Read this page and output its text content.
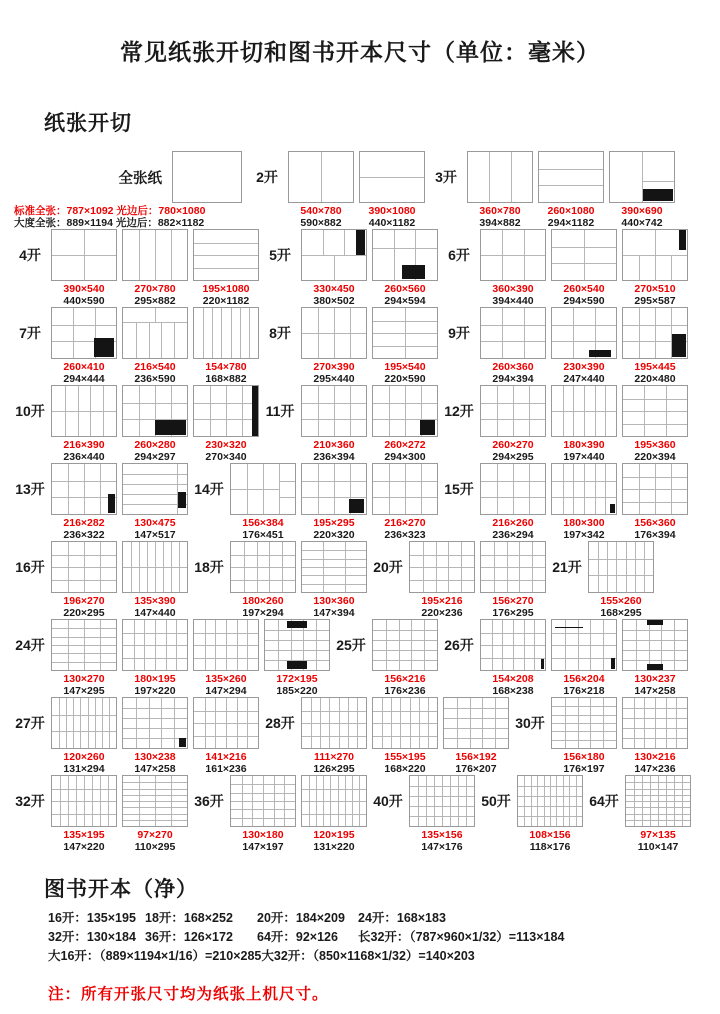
常见纸张开切和图书开本尺寸（单位：毫米）
纸张开切
全张纸
标准全张：787×1092 光边后：780×1080
大度全张：889×1194 光边后：882×1182
2开
540×780
590×882
390×1080
440×1182
3开
360×780
394×882
260×1080
294×1182
390×690
440×742
4开
390×540
440×590
270×780
295×882
195×1080
220×1182
5开
330×450
380×502
260×560
294×594
6开
360×390
394×440
260×540
294×590
270×510
295×587
7开
260×410
294×444
216×540
236×590
154×780
168×882
8开
270×390
295×440
195×540
220×590
9开
260×360
294×394
230×390
247×440
195×445
220×480
10开
216×390
236×440
260×280
294×297
230×320
270×340
11开
210×360
236×394
260×272
294×300
12开
260×270
294×295
180×390
197×440
195×360
220×394
13开
216×282
236×322
130×475
147×517
14开
156×384
176×451
195×295
220×320
216×270
236×323
15开
216×260
236×294
180×300
197×342
156×360
176×394
16开
196×270
220×295
135×390
147×440
18开
180×260
197×294
130×360
147×394
20开
195×216
220×236
156×270
176×295
21开
155×260
168×295
24开
130×270
147×295
180×195
197×220
135×260
147×294
172×195
185×220
25开
156×216
176×236
26开
154×208
168×238
156×204
176×218
130×237
147×258
27开
120×260
131×294
130×238
147×258
141×216
161×236
28开
111×270
126×295
155×195
168×220
156×192
176×207
30开
156×180
176×197
130×216
147×236
32开
135×195
147×220
97×270
110×295
36开
130×180
147×197
120×195
131×220
40开
135×156
147×176
50开
108×156
118×176
64开
97×135
110×147
图书开本（净）
16开：135×195 18开：168×252 20开：184×209 24开：168×183
32开：130×184 36开：126×172 64开：92×126 长32开：（787×960×1/32）=113×184
大16开：（889×1194×1/16）=210×285大32开：（850×1168×1/32）=140×203
注：所有开张尺寸均为纸张上机尺寸。
